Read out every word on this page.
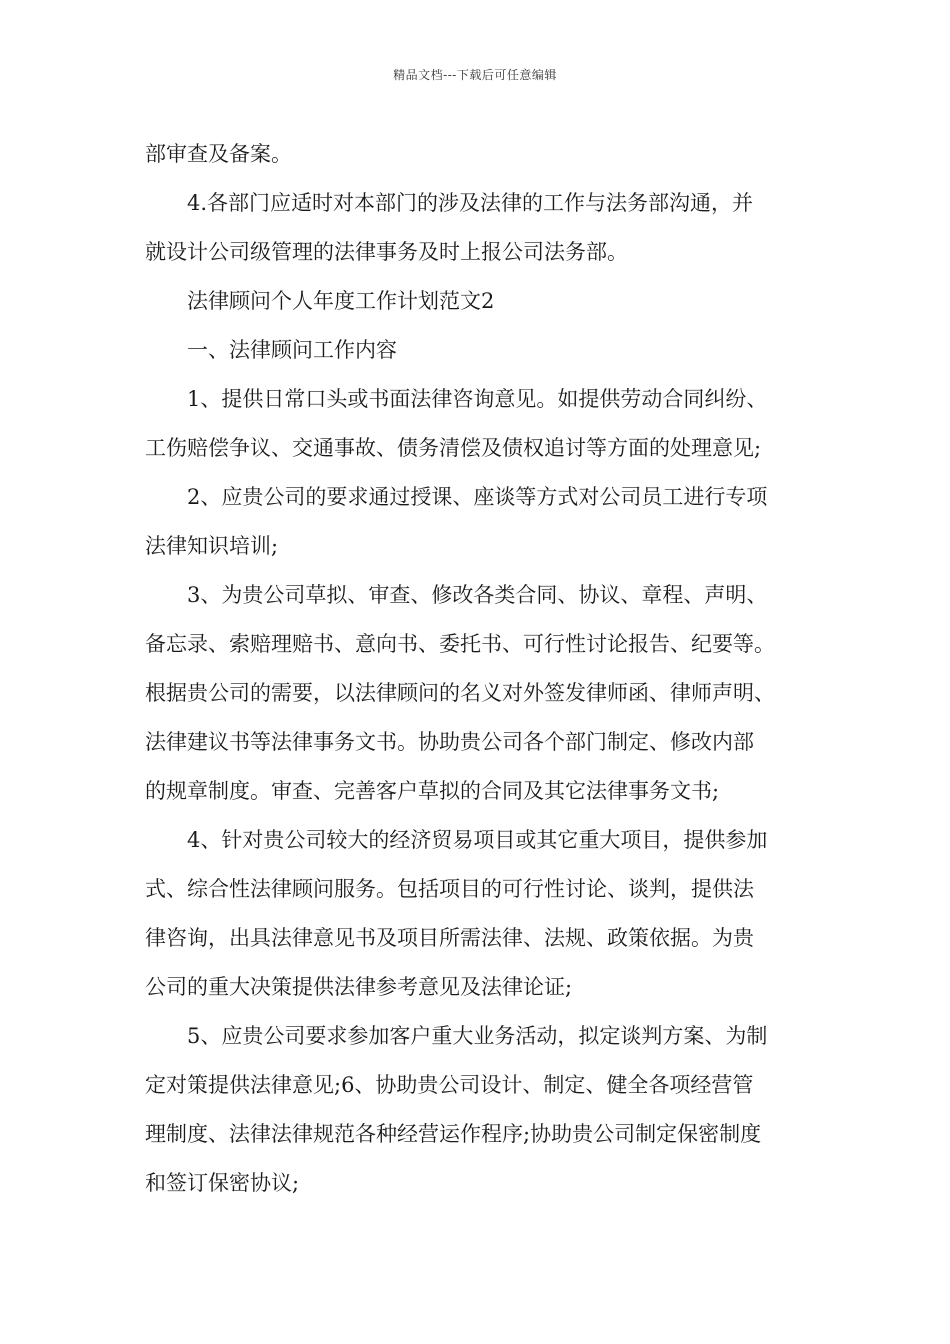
精品文档---下载后可任意编辑
部审查及备案。
4.各部门应适时对本部门的涉及法律的工作与法务部沟通，并
就设计公司级管理的法律事务及时上报公司法务部。
法律顾问个人年度工作计划范文2
一、法律顾问工作内容
1、提供日常口头或书面法律咨询意见。如提供劳动合同纠纷、
工伤赔偿争议、交通事故、债务清偿及债权追讨等方面的处理意见;
2、应贵公司的要求通过授课、座谈等方式对公司员工进行专项
法律知识培训;
3、为贵公司草拟、审查、修改各类合同、协议、章程、声明、
备忘录、索赔理赔书、意向书、委托书、可行性讨论报告、纪要等。
根据贵公司的需要，以法律顾问的名义对外签发律师函、律师声明、
法律建议书等法律事务文书。协助贵公司各个部门制定、修改内部
的规章制度。审查、完善客户草拟的合同及其它法律事务文书;
4、针对贵公司较大的经济贸易项目或其它重大项目，提供参加
式、综合性法律顾问服务。包括项目的可行性讨论、谈判，提供法
律咨询，出具法律意见书及项目所需法律、法规、政策依据。为贵
公司的重大决策提供法律参考意见及法律论证;
5、应贵公司要求参加客户重大业务活动，拟定谈判方案、为制
定对策提供法律意见;6、协助贵公司设计、制定、健全各项经营管
理制度、法律法律规范各种经营运作程序;协助贵公司制定保密制度
和签订保密协议;
